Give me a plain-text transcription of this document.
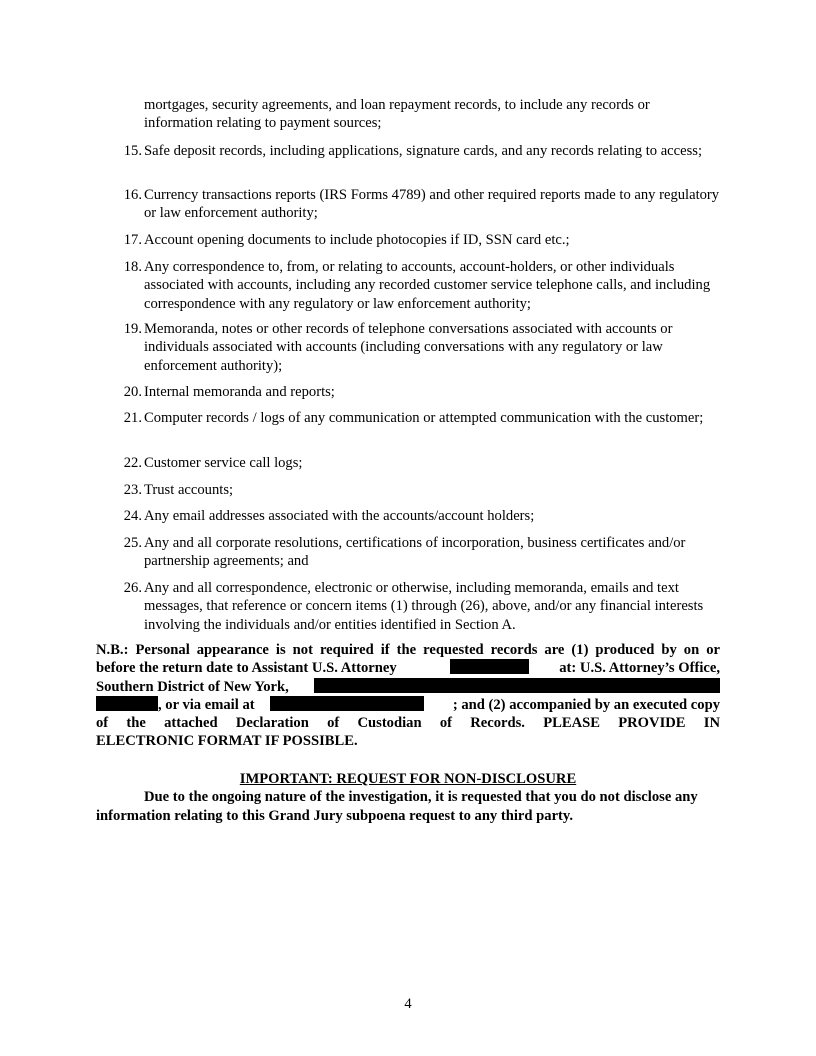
mortgages, security agreements, and loan repayment records, to include any records or information relating to payment sources;

15. Safe deposit records, including applications, signature cards, and any records relating to access;

16. Currency transactions reports (IRS Forms 4789) and other required reports made to any regulatory or law enforcement authority;

17. Account opening documents to include photocopies if ID, SSN card etc.;

18. Any correspondence to, from, or relating to accounts, account-holders, or other individuals associated with accounts, including any recorded customer service telephone calls, and including correspondence with any regulatory or law enforcement authority;

19. Memoranda, notes or other records of telephone conversations associated with accounts or individuals associated with accounts (including conversations with any regulatory or law enforcement authority);

20. Internal memoranda and reports;

21. Computer records / logs of any communication or attempted communication with the customer;

22. Customer service call logs;

23. Trust accounts;

24. Any email addresses associated with the accounts/account holders;

25. Any and all corporate resolutions, certifications of incorporation, business certificates and/or partnership agreements; and

26. Any and all correspondence, electronic or otherwise, including memoranda, emails and text messages, that reference or concern items (1) through (26), above, and/or any financial interests involving the individuals and/or entities identified in Section A.

N.B.: Personal appearance is not required if the requested records are (1) produced by on or
before the return date to Assistant U.S. Attorney	at: U.S. Attorney’s Office,
Southern District of New York,
, or via email at	; and (2) accompanied by an executed copy
of the attached Declaration of Custodian of Records. PLEASE PROVIDE IN
ELECTRONIC FORMAT IF POSSIBLE.
IMPORTANT: REQUEST FOR NON-DISCLOSURE
Due to the ongoing nature of the investigation, it is requested that you do not disclose any information relating to this Grand Jury subpoena request to any third party.
4
